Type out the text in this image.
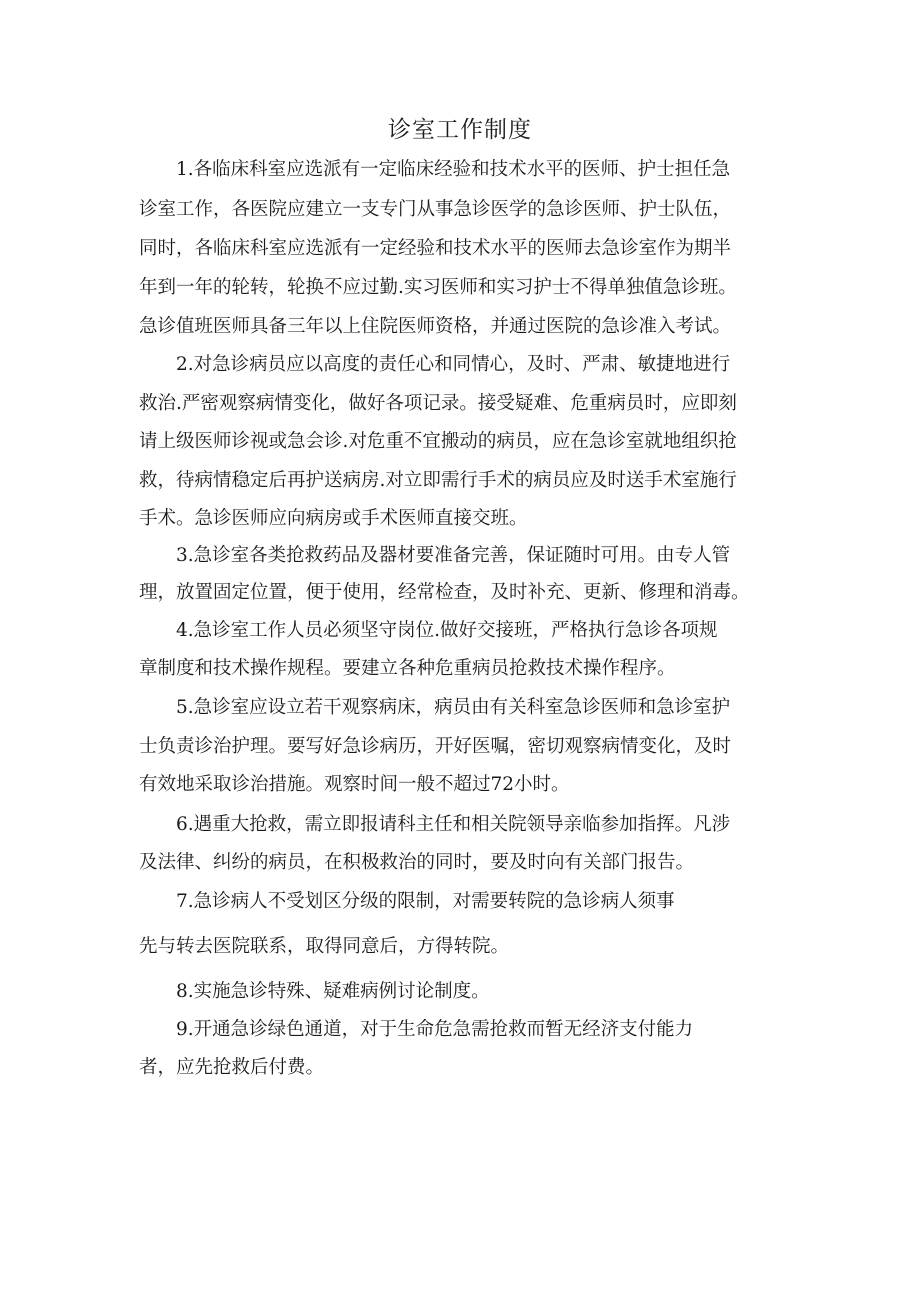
诊室工作制度
1.各临床科室应选派有一定临床经验和技术水平的医师、护士担任急
诊室工作，各医院应建立一支专门从事急诊医学的急诊医师、护士队伍，
同时，各临床科室应选派有一定经验和技术水平的医师去急诊室作为期半
年到一年的轮转，轮换不应过勤.实习医师和实习护士不得单独值急诊班。
急诊值班医师具备三年以上住院医师资格，并通过医院的急诊准入考试。
2.对急诊病员应以高度的责任心和同情心，及时、严肃、敏捷地进行
救治.严密观察病情变化，做好各项记录。接受疑难、危重病员时，应即刻
请上级医师诊视或急会诊.对危重不宜搬动的病员，应在急诊室就地组织抢
救，待病情稳定后再护送病房.对立即需行手术的病员应及时送手术室施行
手术。急诊医师应向病房或手术医师直接交班。
3.急诊室各类抢救药品及器材要准备完善，保证随时可用。由专人管
理，放置固定位置，便于使用，经常检查，及时补充、更新、修理和消毒。
4.急诊室工作人员必须坚守岗位.做好交接班，严格执行急诊各项规
章制度和技术操作规程。要建立各种危重病员抢救技术操作程序。
5.急诊室应设立若干观察病床，病员由有关科室急诊医师和急诊室护
士负责诊治护理。要写好急诊病历，开好医嘱，密切观察病情变化，及时
有效地采取诊治措施。观察时间一般不超过72小时。
6.遇重大抢救，需立即报请科主任和相关院领导亲临参加指挥。凡涉
及法律、纠纷的病员，在积极救治的同时，要及时向有关部门报告。
7.急诊病人不受划区分级的限制，对需要转院的急诊病人须事
先与转去医院联系，取得同意后，方得转院。
8.实施急诊特殊、疑难病例讨论制度。
9.开通急诊绿色通道，对于生命危急需抢救而暂无经济支付能力
者，应先抢救后付费。
